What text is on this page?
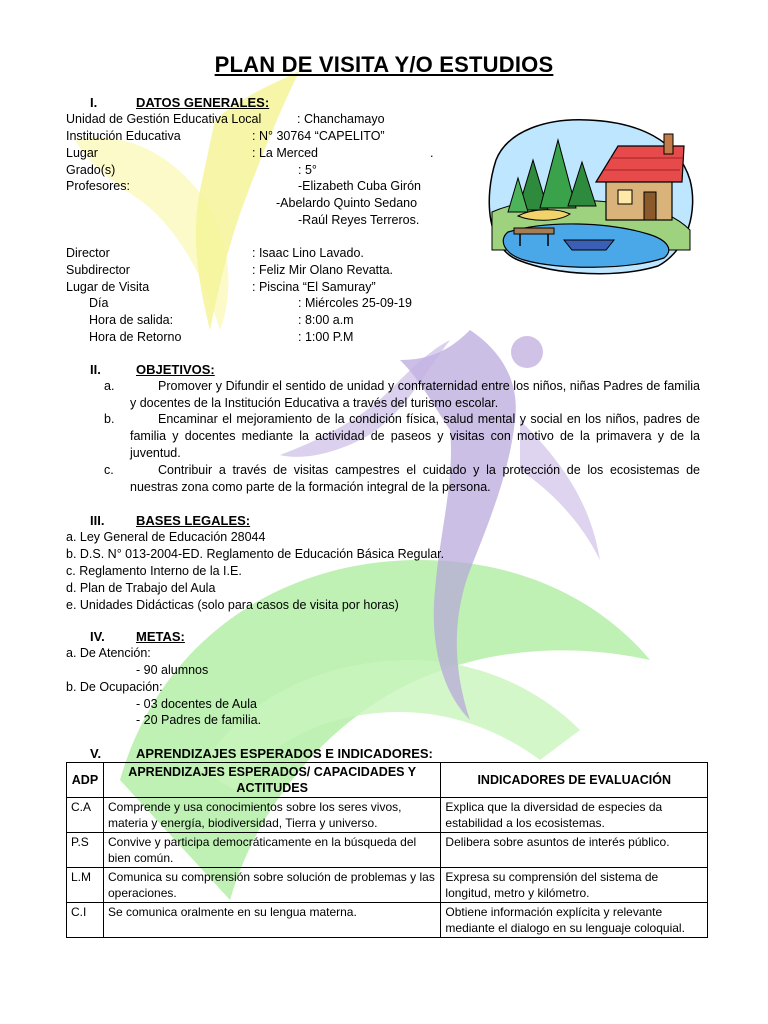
PLAN DE VISITA Y/O ESTUDIOS
I.	DATOS GENERALES:
Unidad de Gestión Educativa Local	: Chanchamayo
Institución Educativa	: N° 30764 “CAPELITO”
Lugar	: La Merced	.
Grado(s)	: 5°
Profesores:	-Elizabeth Cuba Girón
-Abelardo Quinto Sedano
-Raúl Reyes Terreros.
Director	: Isaac Lino Lavado.
Subdirector	: Feliz Mir Olano Revatta.
Lugar de Visita	: Piscina “El Samuray”
Día	: Miércoles 25-09-19
Hora de salida:	: 8:00 a.m
Hora de Retorno	: 1:00 P.M
II.	OBJETIVOS:
a.	Promover y Difundir el sentido de unidad y confraternidad entre los niños, niñas Padres de familia y docentes de la Institución Educativa a través del turismo escolar.
b.	Encaminar el mejoramiento de la condición física, salud mental y social en los niños, padres de familia y docentes mediante la actividad de paseos y visitas con motivo de la primavera y de la juventud.
c.	Contribuir a través de visitas campestres el cuidado y la protección de los ecosistemas de nuestras zona como parte de la formación integral de la persona.
III. BASES LEGALES:
a. Ley General de Educación 28044
b. D.S. N° 013-2004-ED. Reglamento de Educación Básica Regular.
c. Reglamento Interno de la I.E.
d. Plan de Trabajo del Aula
e. Unidades Didácticas (solo para casos de visita por horas)
IV. METAS:
a. De Atención:
- 90 alumnos
b. De Ocupación:
- 03 docentes de Aula
- 20 Padres de familia.
V.	APRENDIZAJES ESPERADOS E INDICADORES:
ADP	APRENDIZAJES ESPERADOS/ CAPACIDADES Y ACTITUDES	INDICADORES DE EVALUACIÓN
C.A	Comprende y usa conocimientos sobre los seres vivos, materia y energía, biodiversidad, Tierra y universo.	Explica que la diversidad de especies da estabilidad a los ecosistemas.
P.S	Convive y participa democráticamente en la búsqueda del bien común.	Delibera sobre asuntos de interés público.
L.M	Comunica su comprensión sobre solución de problemas y las operaciones.	Expresa su comprensión del sistema de longitud, metro y kilómetro.
C.I	Se comunica oralmente en su lengua materna.	Obtiene información explícita y relevante mediante el dialogo en su lenguaje coloquial.
